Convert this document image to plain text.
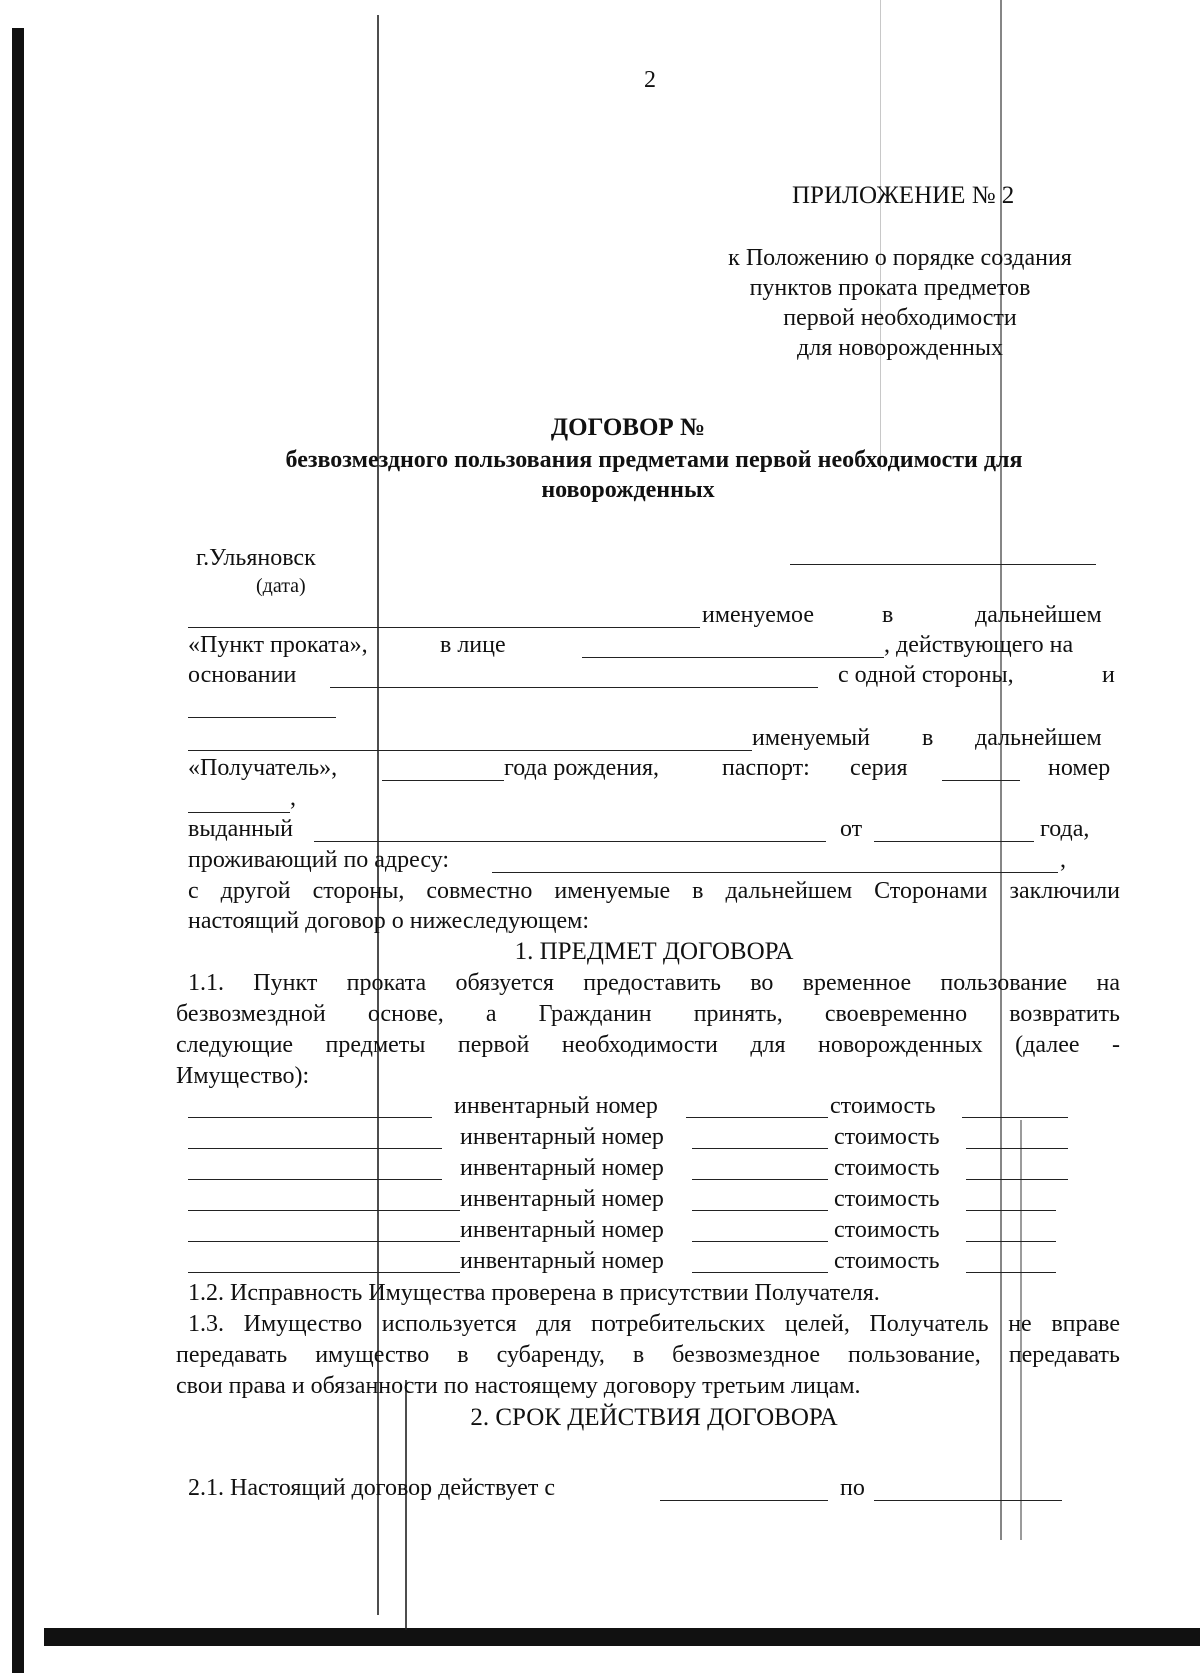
2
ПРИЛОЖЕНИЕ № 2
к Положению о порядке создания
пунктов проката предметов
первой необходимости
для новорожденных
ДОГОВОР №
безвозмездного пользования предметами первой необходимости для
новорожденных
г.Ульяновск
(дата)
именуемое	в	дальнейшем
«Пункт проката»,	в лице	, действующего на
основании	с одной стороны,	и
именуемый в дальнейшем
«Получатель»,	года рождения,	паспорт: серия	номер
,
выданный	от	года,
проживающий по адресу:	,
с другой стороны, совместно именуемые в дальнейшем Сторонами заключили
настоящий договор о нижеследующем:
1. ПРЕДМЕТ ДОГОВОРА
1.1. Пункт проката обязуется предоставить во временное пользование на
безвозмездной основе, а Гражданин принять, своевременно возвратить
следующие предметы первой необходимости для новорожденных (далее -
Имущество):
инвентарный номер	стоимость
инвентарный номер	стоимость
инвентарный номер	стоимость
инвентарный номер	стоимость
инвентарный номер	стоимость
инвентарный номер	стоимость
1.2. Исправность Имущества проверена в присутствии Получателя.
1.3. Имущество используется для потребительских целей, Получатель не вправе
передавать имущество в субаренду, в безвозмездное пользование, передавать
свои права и обязанности по настоящему договору третьим лицам.
2. СРОК ДЕЙСТВИЯ ДОГОВОРА
2.1. Настоящий договор действует с	по
